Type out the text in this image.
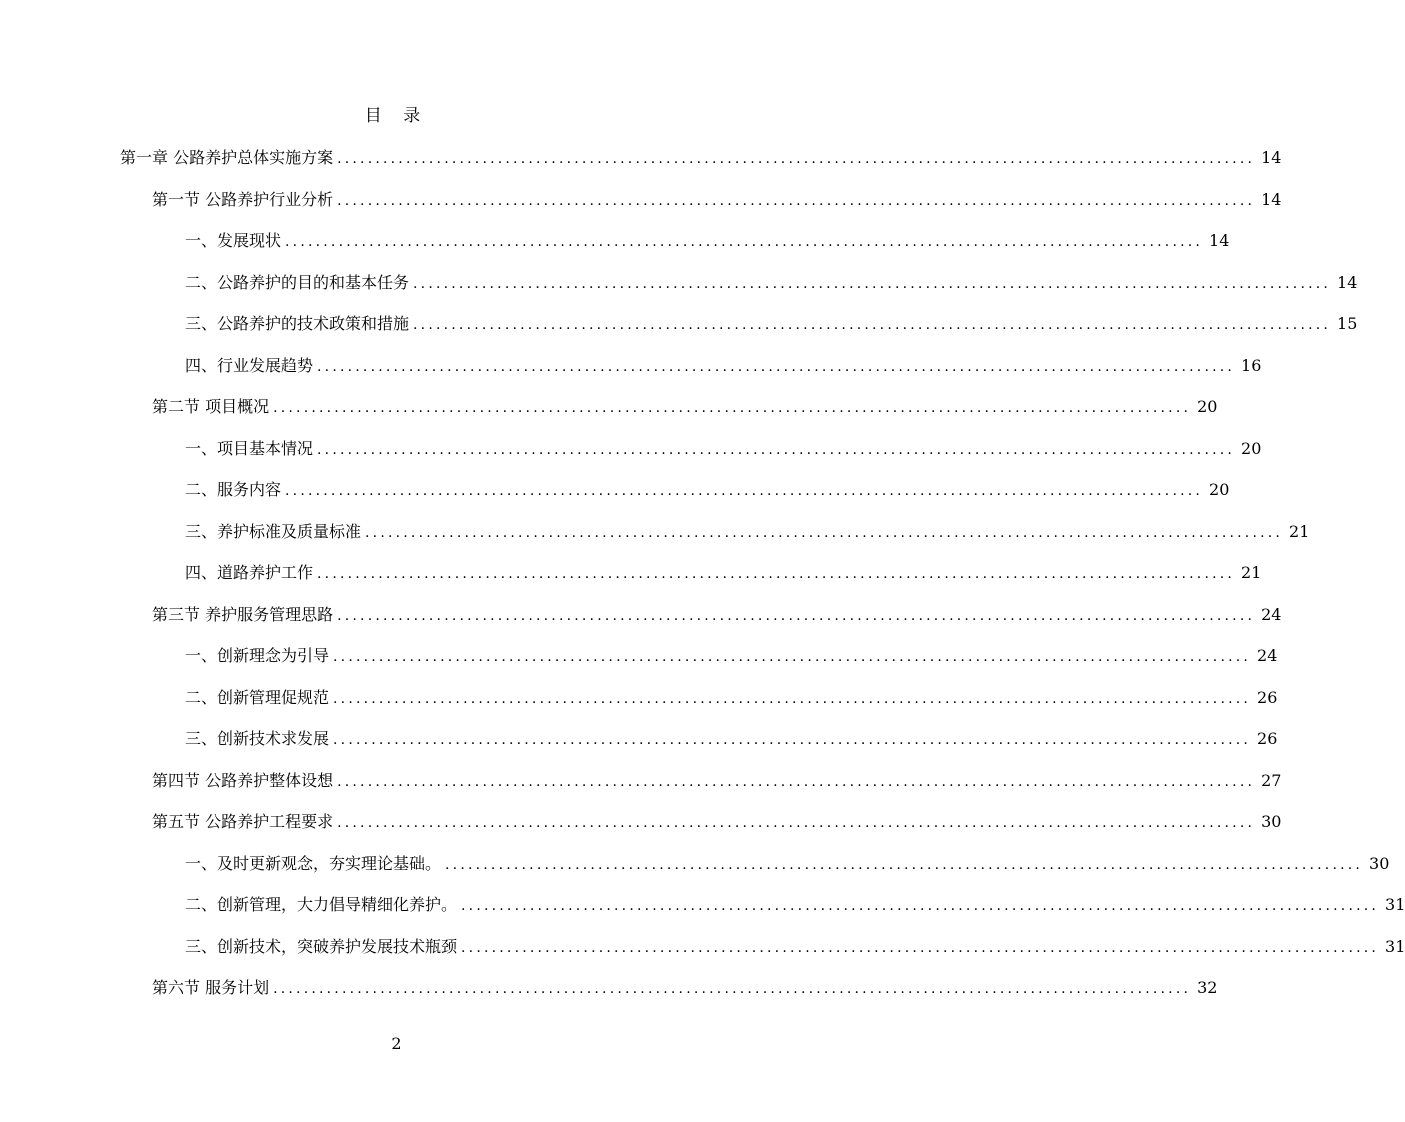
目 录
第一章 公路养护总体实施方案 ........................................................................................................................ 14
第一节 公路养护行业分析 ........................................................................................................................ 14
一、发展现状 ........................................................................................................................ 14
二、公路养护的目的和基本任务 ........................................................................................................................ 14
三、公路养护的技术政策和措施 ........................................................................................................................ 15
四、行业发展趋势 ........................................................................................................................ 16
第二节 项目概况 ........................................................................................................................ 20
一、项目基本情况 ........................................................................................................................ 20
二、服务内容 ........................................................................................................................ 20
三、养护标准及质量标准 ........................................................................................................................ 21
四、道路养护工作 ........................................................................................................................ 21
第三节 养护服务管理思路 ........................................................................................................................ 24
一、创新理念为引导 ........................................................................................................................ 24
二、创新管理促规范 ........................................................................................................................ 26
三、创新技术求发展 ........................................................................................................................ 26
第四节 公路养护整体设想 ........................................................................................................................ 27
第五节 公路养护工程要求 ........................................................................................................................ 30
一、及时更新观念，夯实理论基础。 ........................................................................................................................ 30
二、创新管理，大力倡导精细化养护。 ........................................................................................................................ 31
三、创新技术，突破养护发展技术瓶颈 ........................................................................................................................ 31
第六节 服务计划 ........................................................................................................................ 32
2
